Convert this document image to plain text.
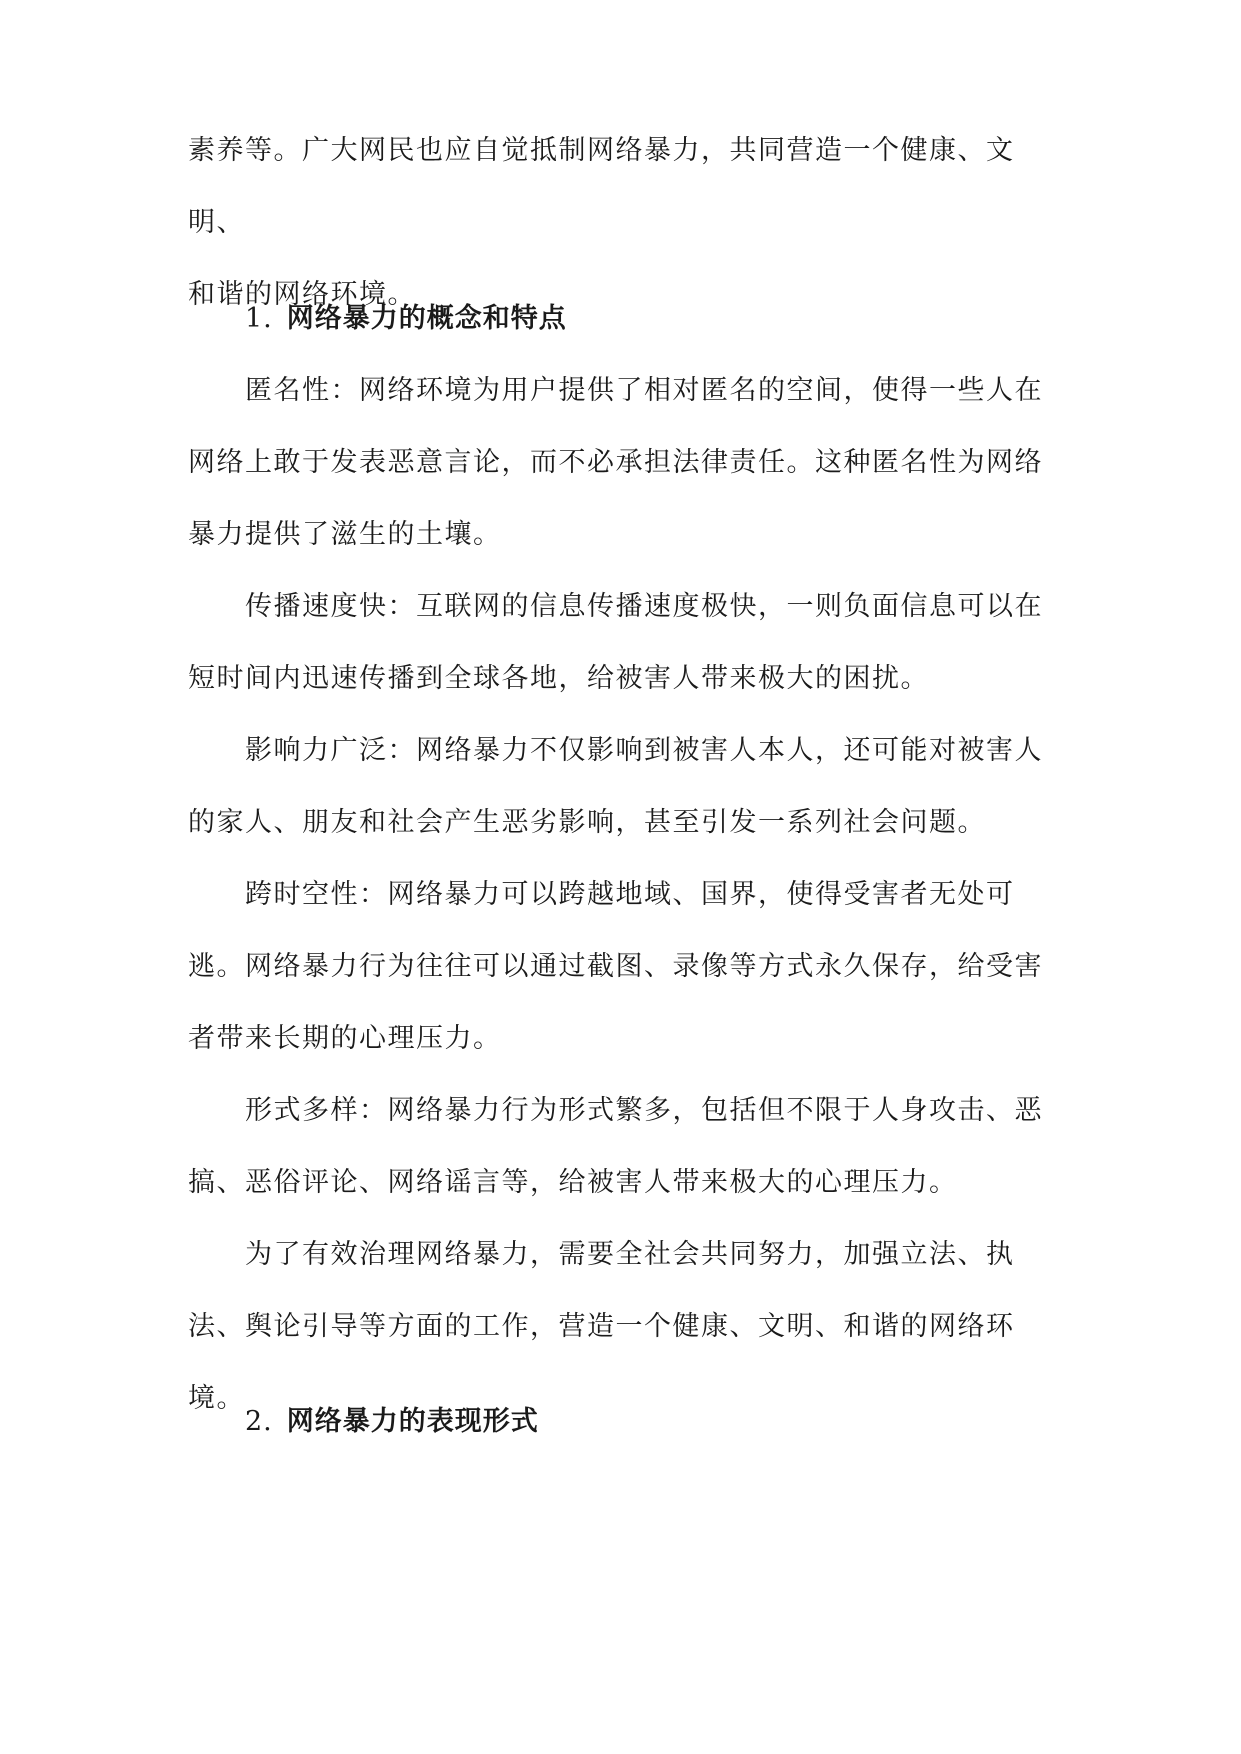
素养等。广大网民也应自觉抵制网络暴力，共同营造一个健康、文明、
和谐的网络环境。

1. 网络暴力的概念和特点

匿名性：网络环境为用户提供了相对匿名的空间，使得一些人在网络上敢于发表恶意言论，而不必承担法律责任。这种匿名性为网络暴力提供了滋生的土壤。

传播速度快：互联网的信息传播速度极快，一则负面信息可以在短时间内迅速传播到全球各地，给被害人带来极大的困扰。

影响力广泛：网络暴力不仅影响到被害人本人，还可能对被害人的家人、朋友和社会产生恶劣影响，甚至引发一系列社会问题。

跨时空性：网络暴力可以跨越地域、国界，使得受害者无处可逃。网络暴力行为往往可以通过截图、录像等方式永久保存，给受害者带来长期的心理压力。

形式多样：网络暴力行为形式繁多，包括但不限于人身攻击、恶搞、恶俗评论、网络谣言等，给被害人带来极大的心理压力。

为了有效治理网络暴力，需要全社会共同努力，加强立法、执法、舆论引导等方面的工作，营造一个健康、文明、和谐的网络环境。

2. 网络暴力的表现形式
